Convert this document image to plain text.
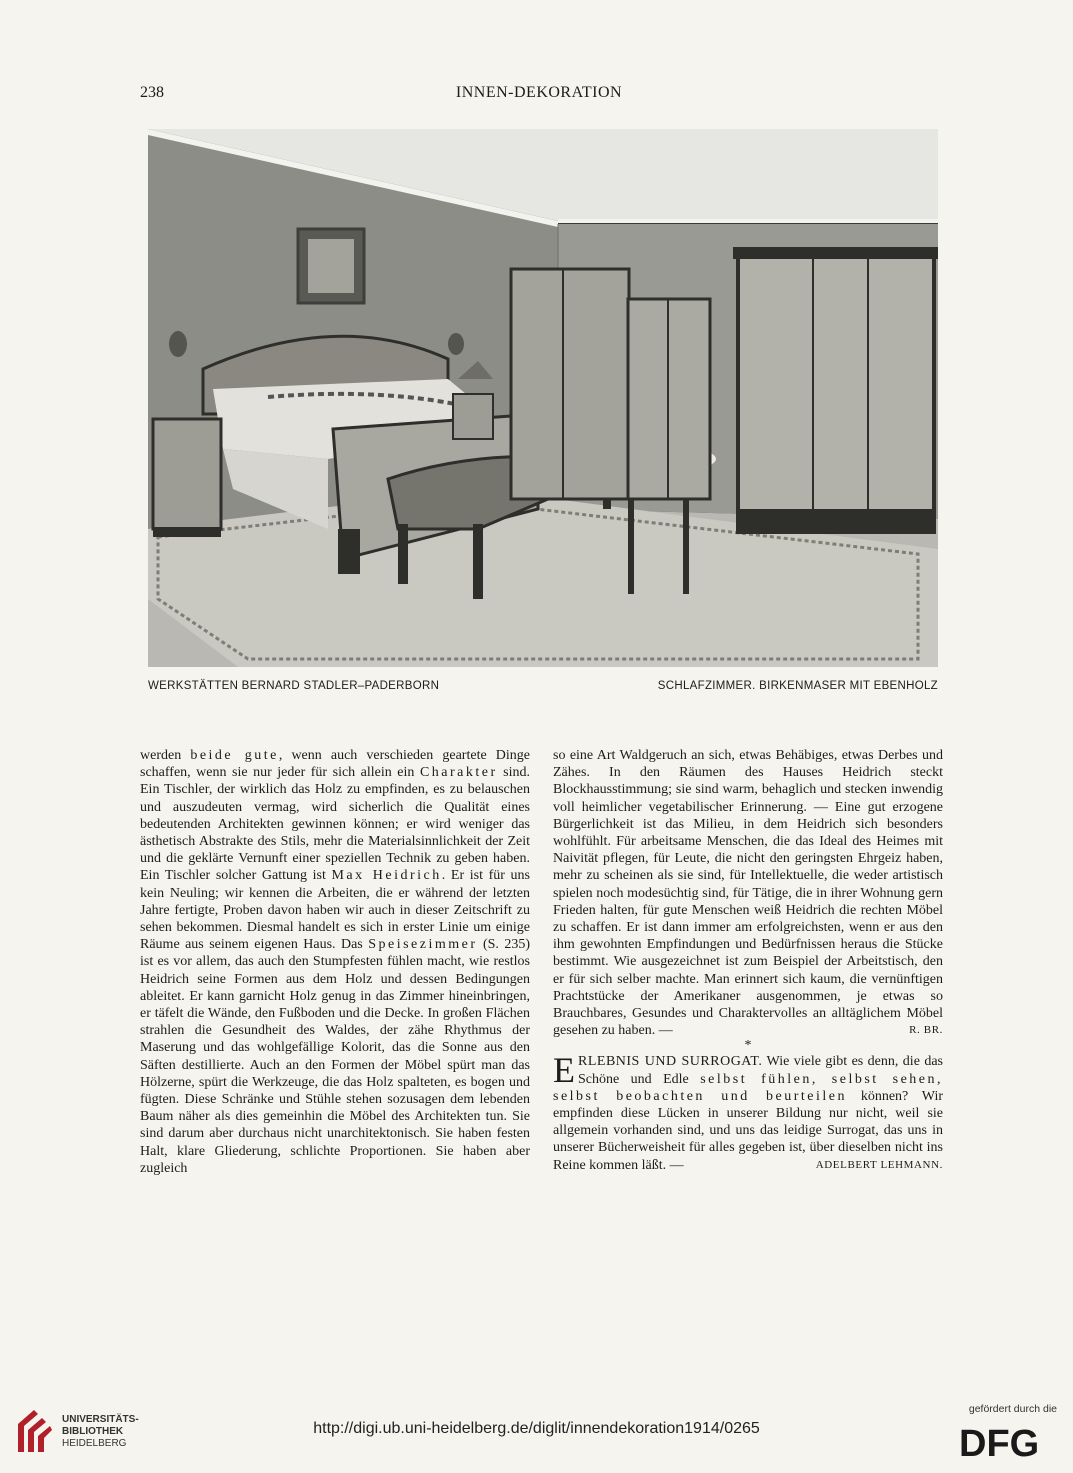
238	INNEN-DEKORATION
WERKSTÄTTEN BERNARD STADLER–PADERBORN	SCHLAFZIMMER. BIRKENMASER MIT EBENHOLZ

werden beide gute, wenn auch verschieden geartete Dinge schaffen, wenn sie nur jeder für sich allein ein Charakter sind. Ein Tischler, der wirklich das Holz zu empfinden, es zu belauschen und auszudeuten vermag, wird sicherlich die Qualität eines bedeutenden Architekten gewinnen können; er wird weniger das ästhetisch Abstrakte des Stils, mehr die Materialsinnlichkeit der Zeit und die geklärte Vernunft einer speziellen Technik zu geben haben. Ein Tischler solcher Gattung ist Max Heidrich. Er ist für uns kein Neuling; wir kennen die Arbeiten, die er während der letzten Jahre fertigte, Proben davon haben wir auch in dieser Zeitschrift zu sehen bekommen. Diesmal handelt es sich in erster Linie um einige Räume aus seinem eigenen Haus. Das Speisezimmer (S. 235) ist es vor allem, das auch den Stumpfesten fühlen macht, wie restlos Heidrich seine Formen aus dem Holz und dessen Bedingungen ableitet. Er kann garnicht Holz genug in das Zimmer hineinbringen, er täfelt die Wände, den Fußboden und die Decke. In großen Flächen strahlen die Gesundheit des Waldes, der zähe Rhythmus der Maserung und das wohlgefällige Kolorit, das die Sonne aus den Säften destillierte. Auch an den Formen der Möbel spürt man das Hölzerne, spürt die Werkzeuge, die das Holz spalteten, es bogen und fügten. Diese Schränke und Stühle stehen sozusagen dem lebenden Baum näher als dies gemeinhin die Möbel des Architekten tun. Sie sind darum aber durchaus nicht unarchitektonisch. Sie haben festen Halt, klare Gliederung, schlichte Proportionen. Sie haben aber zugleich

so eine Art Waldgeruch an sich, etwas Behäbiges, etwas Derbes und Zähes. In den Räumen des Hauses Heidrich steckt Blockhausstimmung; sie sind warm, behaglich und stecken inwendig voll heimlicher vegetabilischer Erinnerung. — Eine gut erzogene Bürgerlichkeit ist das Milieu, in dem Heidrich sich besonders wohlfühlt. Für arbeitsame Menschen, die das Ideal des Heimes mit Naivität pflegen, für Leute, die nicht den geringsten Ehrgeiz haben, mehr zu scheinen als sie sind, für Intellektuelle, die weder artistisch spielen noch modesüchtig sind, für Tätige, die in ihrer Wohnung gern Frieden halten, für gute Menschen weiß Heidrich die rechten Möbel zu schaffen. Er ist dann immer am erfolgreichsten, wenn er aus den ihm gewohnten Empfindungen und Bedürfnissen heraus die Stücke bestimmt. Wie ausgezeichnet ist zum Beispiel der Arbeitstisch, den er für sich selber machte. Man erinnert sich kaum, die vernünftigen Prachtstücke der Amerikaner ausgenommen, je etwas so Brauchbares, Gesundes und Charaktervolles an alltäglichem Möbel gesehen zu haben. —	R. BR.

*

ERLEBNIS UND SURROGAT. Wie viele gibt es denn, die das Schöne und Edle selbst fühlen, selbst sehen, selbst beobachten und beurteilen können? Wir empfinden diese Lücken in unserer Bildung nur nicht, weil sie allgemein vorhanden sind, und uns das leidige Surrogat, das uns in unserer Bücherweisheit für alles gegeben ist, über dieselben nicht ins Reine kommen läßt. —	ADELBERT LEHMANN.

UNIVERSITÄTS-
BIBLIOTHEK
HEIDELBERG
http://digi.ub.uni-heidelberg.de/diglit/innendekoration1914/0265
gefördert durch die
DFG
